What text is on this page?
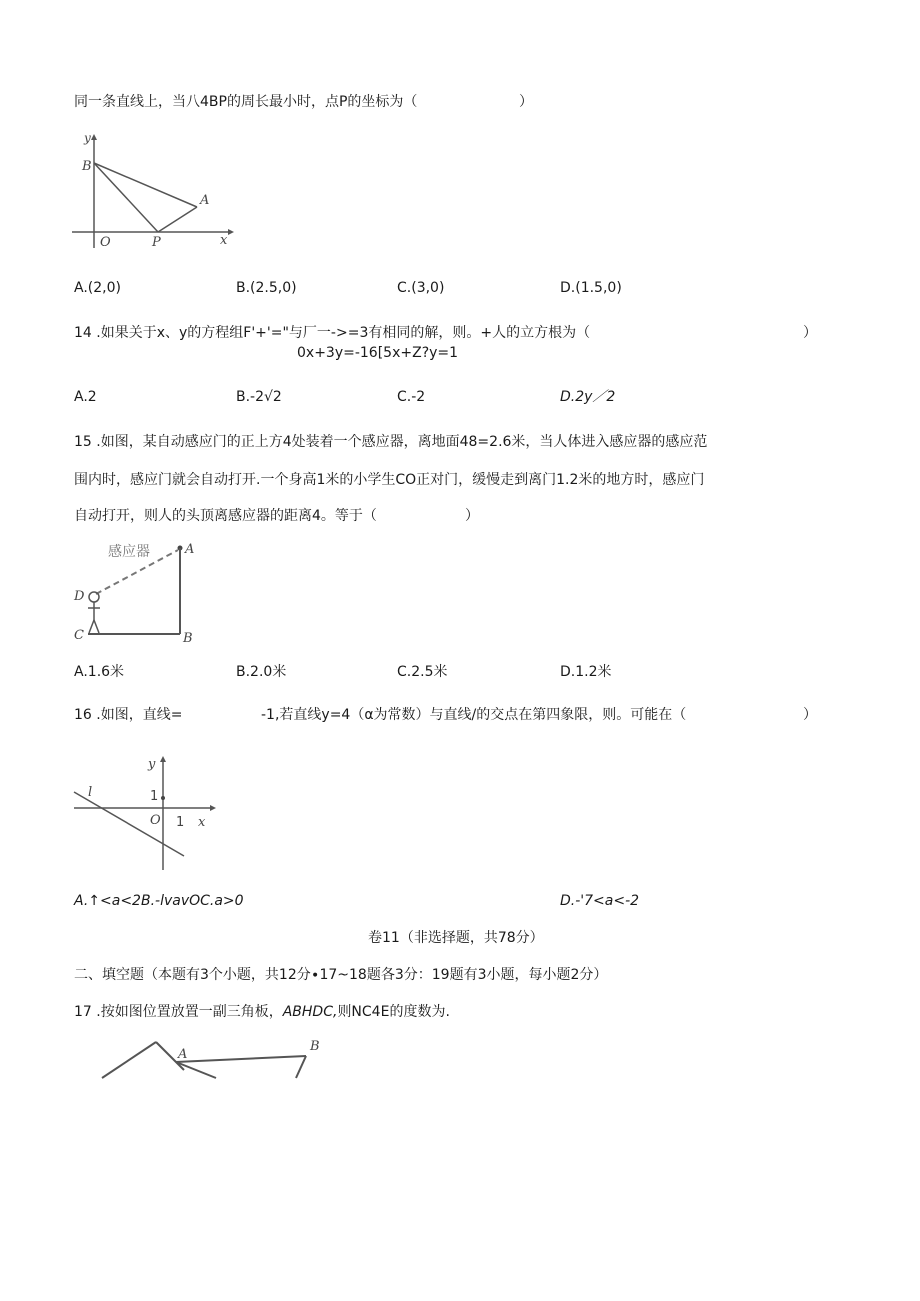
同一条直线上，当八4BP的周长最小时，点P的坐标为（	）
y
B
A
O	P	x
A.(2,0)	B.(2.5,0)	C.(3,0)	D.(1.5,0)
14 .如果关于x、y的方程组F'+'="与厂一->=3有相同的解，则。+人的立方根为（	）
0x+3y=-16[5x+Z?y=1
A.2	B.-2√2	C.-2	D.2y／2
15 .如图，某自动感应门的正上方4处装着一个感应器，离地面48=2.6米，当人体进入感应器的感应范
围内时，感应门就会自动打开.一个身高1米的小学生CO正对门，缓慢走到离门1.2米的地方时，感应门
自动打开，则人的头顶离感应器的距离4。等于（	）
感应器	A
D
C	B
A.1.6米	B.2.0米	C.2.5米	D.1.2米
16 .如图，直线=	-1,若直线y=4（α为常数）与直线/的交点在第四象限，则。可能在（	）
y
l	1
O 1 x
A.↑<a<2B.-lvavOC.a>0	D.-'7<a<-2
卷11（非选择题，共78分）
二、填空题（本题有3个小题，共12分∙17~18题各3分：19题有3小题，每小题2分）
17 .按如图位置放置一副三角板，ABHDC,则NC4E的度数为.
A
B
